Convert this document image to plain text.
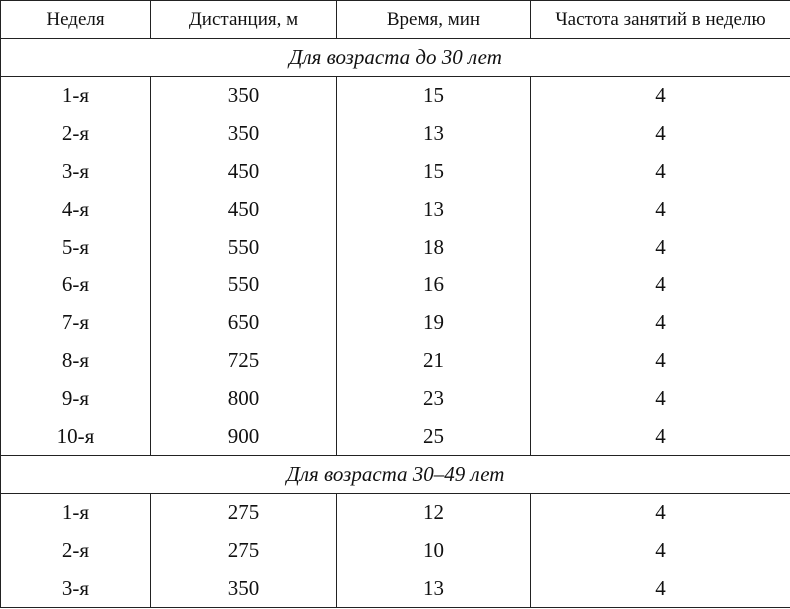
Неделя	Дистанция, м	Время, мин	Частота занятий в неделю
Для возраста до 30 лет			
1-я	350	15	4
2-я	350	13	4
3-я	450	15	4
4-я	450	13	4
5-я	550	18	4
6-я	550	16	4
7-я	650	19	4
8-я	725	21	4
9-я	800	23	4
10-я	900	25	4
Для возраста 30–49 лет			
1-я	275	12	4
2-я	275	10	4
3-я	350	13	4
